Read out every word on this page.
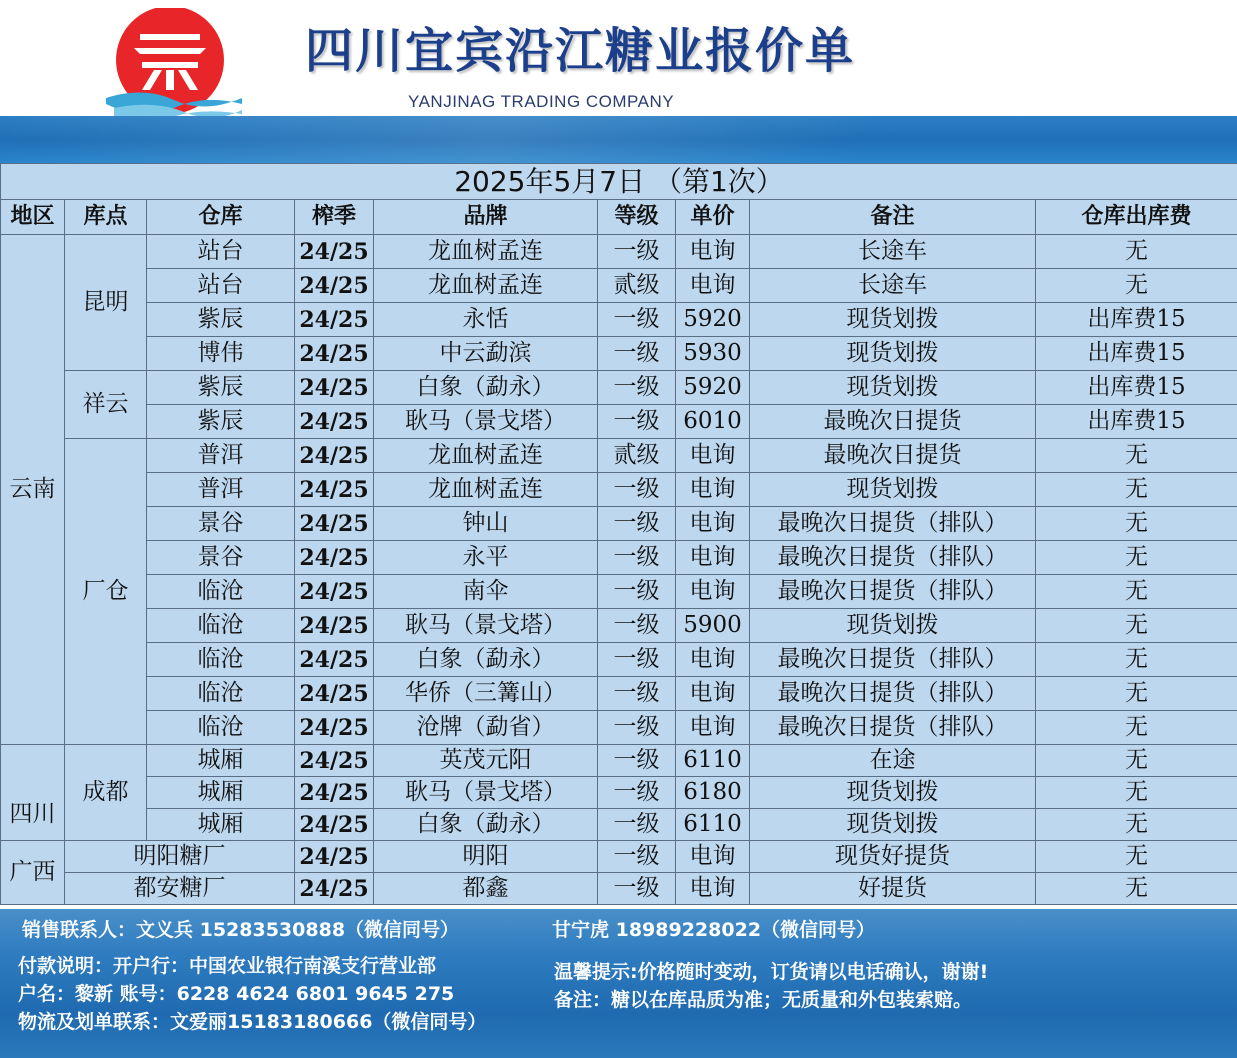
四川宜宾沿江糖业报价单
YANJINAG TRADING COMPANY
2025年5月7日 （第1次）								
地区	库点	仓库	榨季	品牌	等级	单价	备注	仓库出库费
云南	昆明	站台	24/25	龙血树孟连	一级	电询	长途车	无
		站台	24/25	龙血树孟连	贰级	电询	长途车	无
		紫辰	24/25	永恬	一级	5920	现货划拨	出库费15
		博伟	24/25	中云勐滨	一级	5930	现货划拨	出库费15
	祥云	紫辰	24/25	白象（勐永）	一级	5920	现货划拨	出库费15
		紫辰	24/25	耿马（景戈塔）	一级	6010	最晚次日提货	出库费15
	厂仓	普洱	24/25	龙血树孟连	贰级	电询	最晚次日提货	无
		普洱	24/25	龙血树孟连	一级	电询	现货划拨	无
		景谷	24/25	钟山	一级	电询	最晚次日提货（排队）	无
		景谷	24/25	永平	一级	电询	最晚次日提货（排队）	无
		临沧	24/25	南伞	一级	电询	最晚次日提货（排队）	无
		临沧	24/25	耿马（景戈塔）	一级	5900	现货划拨	无
		临沧	24/25	白象（勐永）	一级	电询	最晚次日提货（排队）	无
		临沧	24/25	华侨（三篝山）	一级	电询	最晚次日提货（排队）	无
		临沧	24/25	沧牌（勐省）	一级	电询	最晚次日提货（排队）	无
四川	成都	城厢	24/25	英茂元阳	一级	6110	在途	无
		城厢	24/25	耿马（景戈塔）	一级	6180	现货划拨	无
		城厢	24/25	白象（勐永）	一级	6110	现货划拨	无
广西	明阳糖厂		24/25	明阳	一级	电询	现货好提货	无
	都安糖厂		24/25	都鑫	一级	电询	好提货	无
销售联系人：文义兵 15283530888（微信同号）	甘宁虎 18989228022（微信同号）
付款说明：开户行：中国农业银行南溪支行营业部
户名：黎新 账号：6228 4624 6801 9645 275
物流及划单联系：文爱丽15183180666（微信同号）
温馨提示:价格随时变动，订货请以电话确认，谢谢!
备注：糖以在库品质为准；无质量和外包装索赔。
